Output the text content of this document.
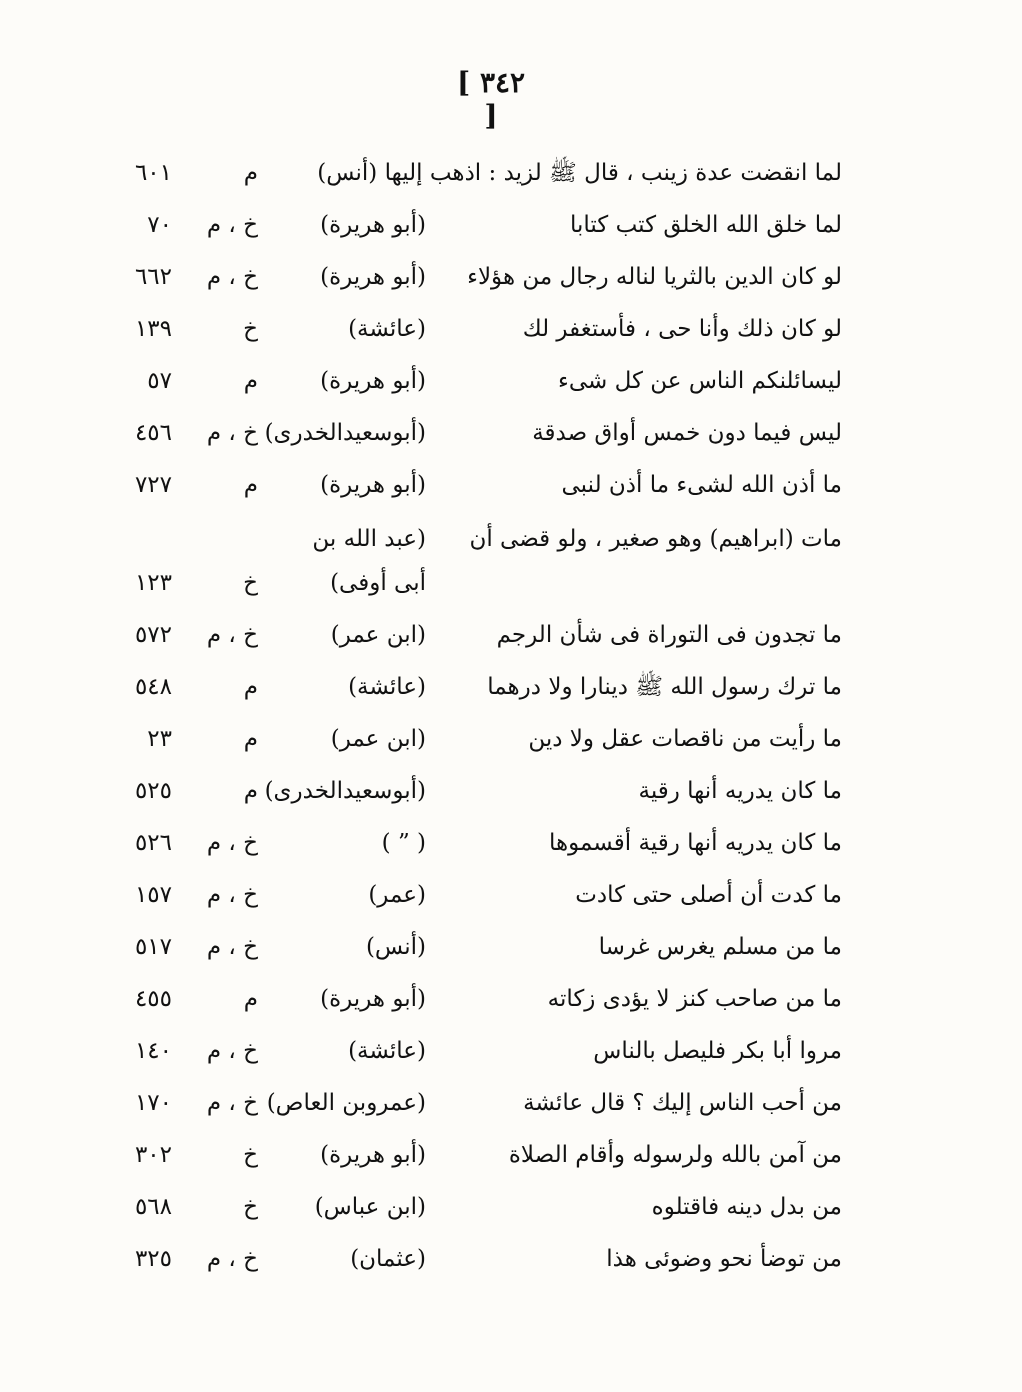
[ ٣٤٢ ]
لما انقضت عدة زينب ، قال ﷺ لزيد : اذهب إليها (أنس)
م
٦٠١
لما خلق الله الخلق كتب كتابا
(أبو هريرة)
خ ، م
٧٠
لو كان الدين بالثريا لناله رجال من هؤلاء
(أبو هريرة)
خ ، م
٦٦٢
لو كان ذلك وأنا حى ، فأستغفر لك
(عائشة)
خ
١٣٩
ليسائلنكم الناس عن كل شىء
(أبو هريرة)
م
٥٧
ليس فيما دون خمس أواق صدقة
(أبوسعيدالخدرى)
خ ، م
٤٥٦
ما أذن الله لشىء ما أذن لنبى
(أبو هريرة)
م
٧٢٧
مات (ابراهيم) وهو صغير ، ولو قضى أن
(عبد الله بن
أبى أوفى)
خ
١٢٣
ما تجدون فى التوراة فى شأن الرجم
(ابن عمر)
خ ، م
٥٧٢
ما ترك رسول الله ﷺ دينارا ولا درهما
(عائشة)
م
٥٤٨
ما رأيت من ناقصات عقل ولا دين
(ابن عمر)
م
٢٣
ما كان يدريه أنها رقية
(أبوسعيدالخدرى)
م
٥٢٥
ما كان يدريه أنها رقية أقسموها
( ” )
خ ، م
٥٢٦
ما كدت أن أصلى حتى كادت
(عمر)
خ ، م
١٥٧
ما من مسلم يغرس غرسا
(أنس)
خ ، م
٥١٧
ما من صاحب كنز لا يؤدى زكاته
(أبو هريرة)
م
٤٥٥
مروا أبا بكر فليصل بالناس
(عائشة)
خ ، م
١٤٠
من أحب الناس إليك ؟ قال عائشة
(عمروبن العاص)
خ ، م
١٧٠
من آمن بالله ولرسوله وأقام الصلاة
(أبو هريرة)
خ
٣٠٢
من بدل دينه فاقتلوه
(ابن عباس)
خ
٥٦٨
من توضأ نحو وضوئى هذا
(عثمان)
خ ، م
٣٢٥
